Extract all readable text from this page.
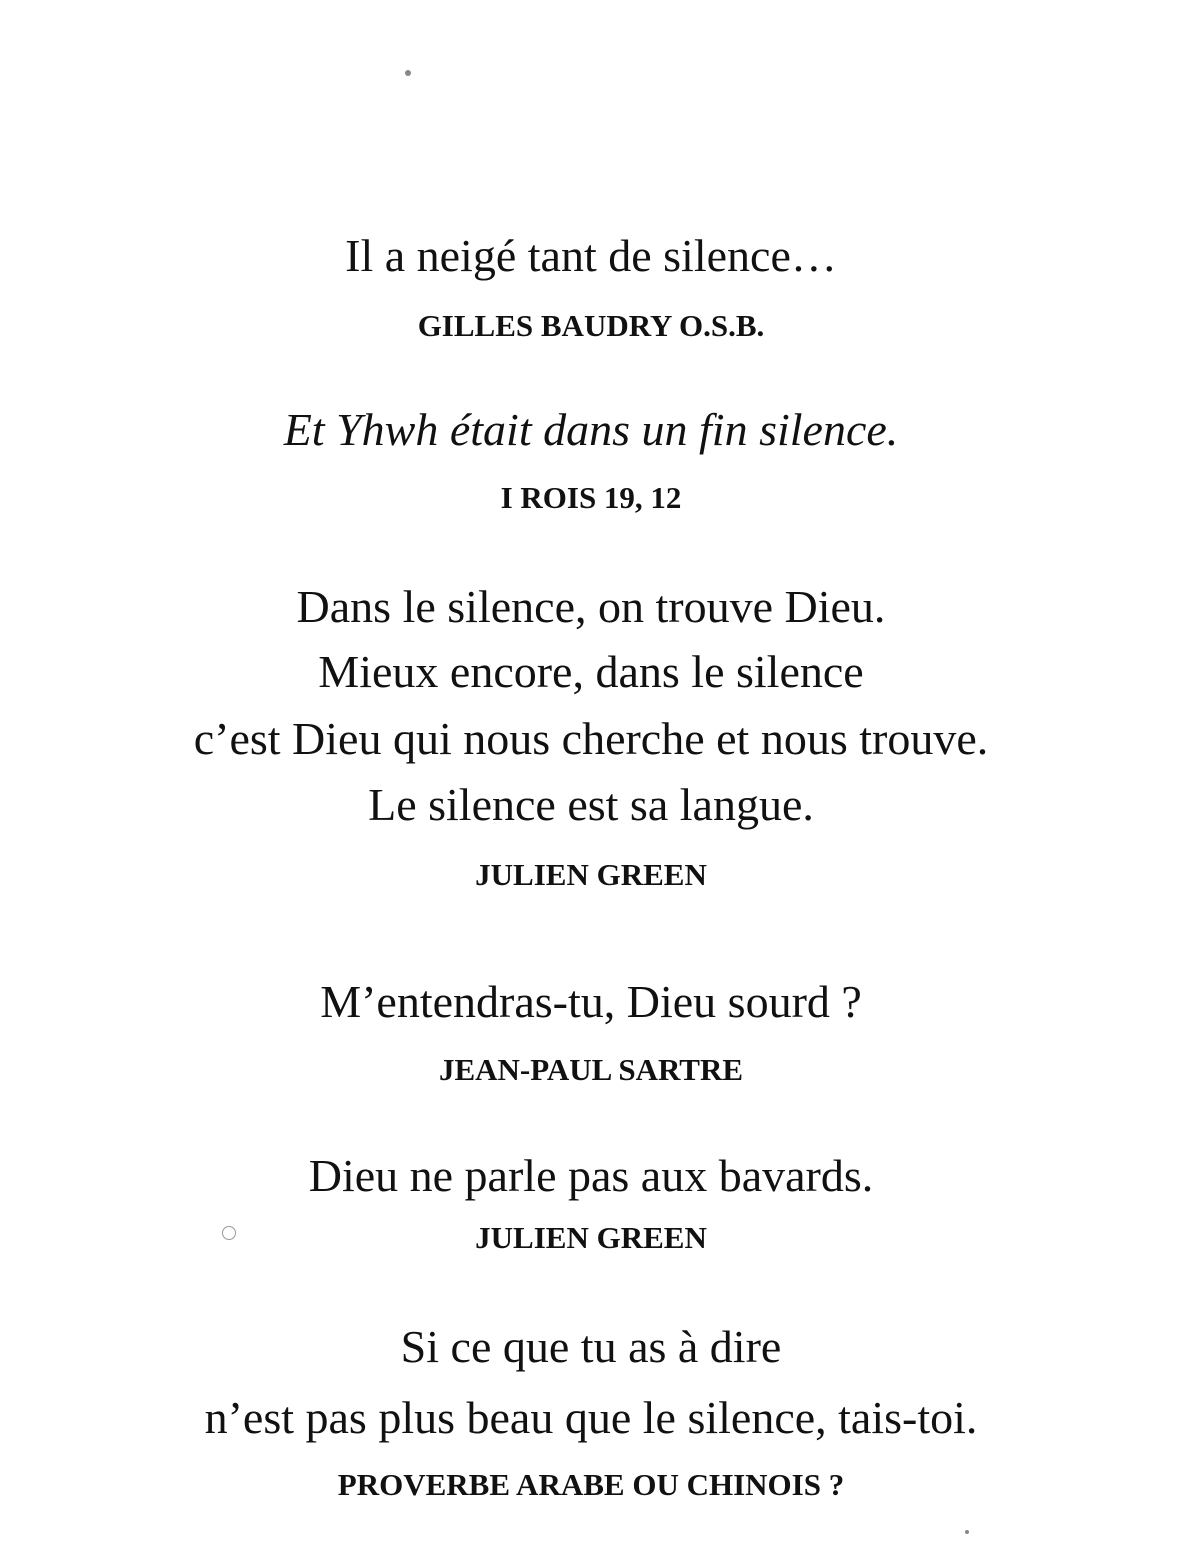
Il a neigé tant de silence…

GILLES BAUDRY O.S.B.

Et Yhwh était dans un fin silence.

I ROIS 19, 12

Dans le silence, on trouve Dieu.

Mieux encore, dans le silence

c’est Dieu qui nous cherche et nous trouve.

Le silence est sa langue.

JULIEN GREEN

M’entendras-tu, Dieu sourd ?

JEAN-PAUL SARTRE

Dieu ne parle pas aux bavards.

JULIEN GREEN

Si ce que tu as à dire

n’est pas plus beau que le silence, tais-toi.

PROVERBE ARABE OU CHINOIS ?
